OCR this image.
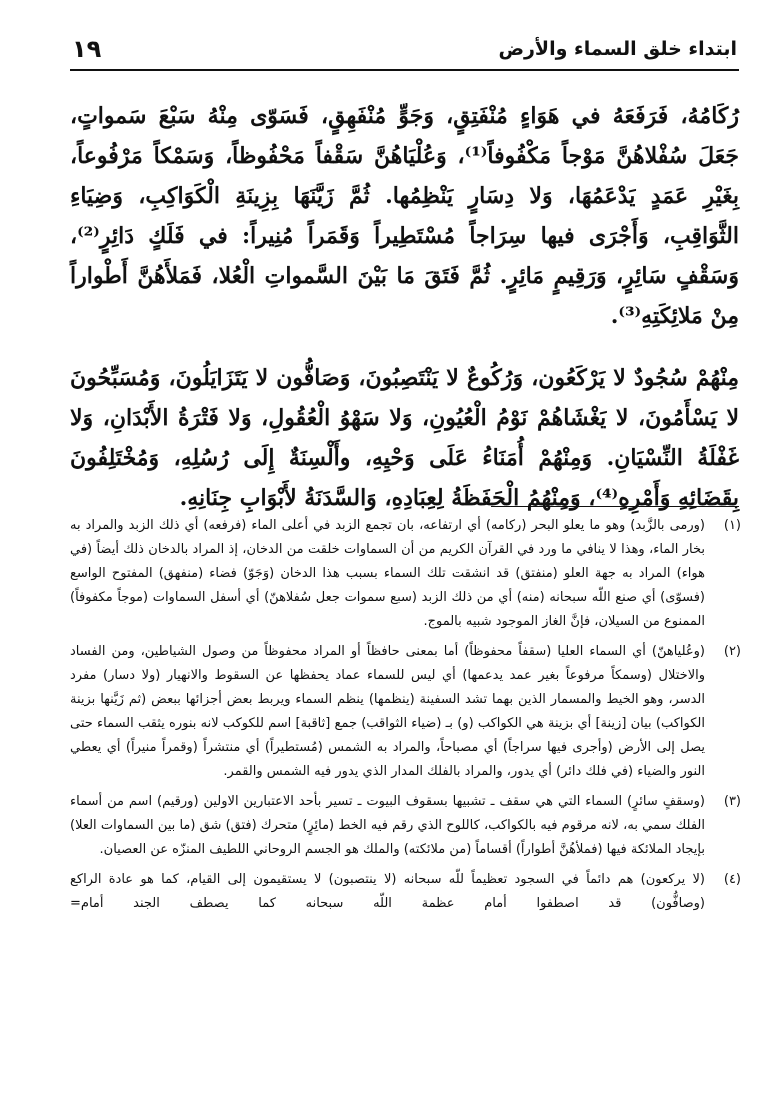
ابتداء خلق السماء والأرض
١٩

رُكَامُهُ، فَرَفَعَهُ في هَوَاءٍ مُنْفَتِقٍ، وَجَوٍّ مُنْفَهِقٍ، فَسَوّى مِنْهُ سَبْعَ سَمواتٍ، جَعَلَ سُفْلاهُنَّ مَوْجاً مَكْفُوفاً⁽¹⁾، وَعُلْيَاهُنَّ سَقْفاً مَحْفُوظاً، وَسَمْكاً مَرْفُوعاً، بِغَيْرِ عَمَدٍ يَدْعَمُهَا، وَلا دِسَارٍ يَنْظِمُها. ثُمَّ زَيَّنَهَا بِزِينَةِ الْكَوَاكِبِ، وَضِيَاءِ الثَّوَاقِبِ، وَأَجْرَى فيها سِرَاجاً مُسْتَطِيراً وَقَمَراً مُنِيراً: في فَلَكٍ دَائِرٍ⁽²⁾، وَسَقْفٍ سَائِرٍ، وَرَقِيمٍ مَائِرٍ. ثُمَّ فَتَقَ مَا بَيْنَ السَّمواتِ الْعُلا، فَمَلأَهُنَّ أَطْواراً مِنْ مَلائِكَتِهِ⁽³⁾.

مِنْهُمْ سُجُودٌ لا يَرْكَعُون، وَرُكُوعٌ لا يَنْتَصِبُونَ، وَصَافُّون لا يَتَزَايَلُونَ، وَمُسَبِّحُونَ لا يَسْأَمُونَ، لا يَغْشَاهُمْ نَوْمُ الْعُيُونِ، وَلا سَهْوُ الْعُقُولِ، وَلا فَتْرَةُ الأَبْدَانِ، وَلا غَفْلَةُ النِّسْيَانِ. وَمِنْهُمْ أُمَنَاءُ عَلَى وَحْيِهِ، وأَلْسِنَةٌ إِلَى رُسُلِهِ، وَمُخْتَلِفُونَ بِقَضَائِهِ وَأَمْرِهِ⁽⁴⁾، وَمِنْهُمُ الْحَفَظَةُ لِعِبَادِهِ، وَالسَّدَنَةُ لأَبْوَابِ جِنَانِهِ.

(١)
(ورمى بالزَّبد) وهو ما يعلو البحر (ركامه) أي ارتفاعه، بان تجمع الزبد في أعلى الماء (فرفعه) أي ذلك الزبد والمراد به بخار الماء، وهذا لا ينافي ما ورد في القرآن الكريم من أن السماوات خلقت من الدخان، إذ المراد بالدخان ذلك أيضاً (في هواء) المراد به جهة العلو (منفتق) قد انشقت تلك السماء بسبب هذا الدخان (وَجَوّ) فضاء (منفهق) المفتوح الواسع (فسوّى) أي صنع اللّه سبحانه (منه) أي من ذلك الزبد (سبع سموات جعل سُفلاهنّ) أي أسفل السماوات (موجاً مكفوفاً) الممنوع من السيلان، فإنَّ الغاز الموجود شبيه بالموج.
(٢)
(وعُلياهنّ) أي السماء العليا (سقفاً محفوظاً) أما بمعنى حافظاً أو المراد محفوظاً من وصول الشياطين، ومن الفساد والاختلال (وسمكاً مرفوعاً بغير عمد يدعمها) أي ليس للسماء عماد يحفظها عن السقوط والانهيار (ولا دسار) مفرد الدسر، وهو الخيط والمسمار الذين بهما تشد السفينة (ينظمها) ينظم السماء ويربط بعض أجزائها ببعض (ثم زَيَّنها بزينة الكواكب) بيان [زينة] أي بزينة هي الكواكب (و) بـ (ضياء الثواقب) جمع [ثاقبة] اسم للكوكب لانه بنوره يثقب السماء حتى يصل إلى الأرض (وأجرى فيها سراجاً) أي مصباحاً، والمراد به الشمس (مُستطيراً) أي منتشراً (وقمراً منيراً) أي يعطي النور والضياء (في فلك دائر) أي يدور، والمراد بالفلك المدار الذي يدور فيه الشمس والقمر.
(٣)
(وسقفٍ سائرٍ) السماء التي هي سقف ـ تشبيها بسقوف البيوت ـ تسير بأحد الاعتبارين الاولين (ورقيم) اسم من أسماء الفلك سمي به، لانه مرقوم فيه بالكواكب، كاللوح الذي رقم فيه الخط (مائِرٍ) متحرك (فتق) شق (ما بين السماوات العلا) بإيجاد الملائكة فيها (فملأهُنَّ أطواراً) أقساماً (من ملائكته) والملك هو الجسم الروحاني اللطيف المنزّه عن العصيان.
(٤)
(لا يركعون) هم دائماً في السجود تعظيماً للّه سبحانه (لا ينتصبون) لا يستقيمون إلى القيام، كما هو عادة الراكع (وصافُّون) قد اصطفوا أمام عظمة اللّه سبحانه كما يصطف الجند أمام=
